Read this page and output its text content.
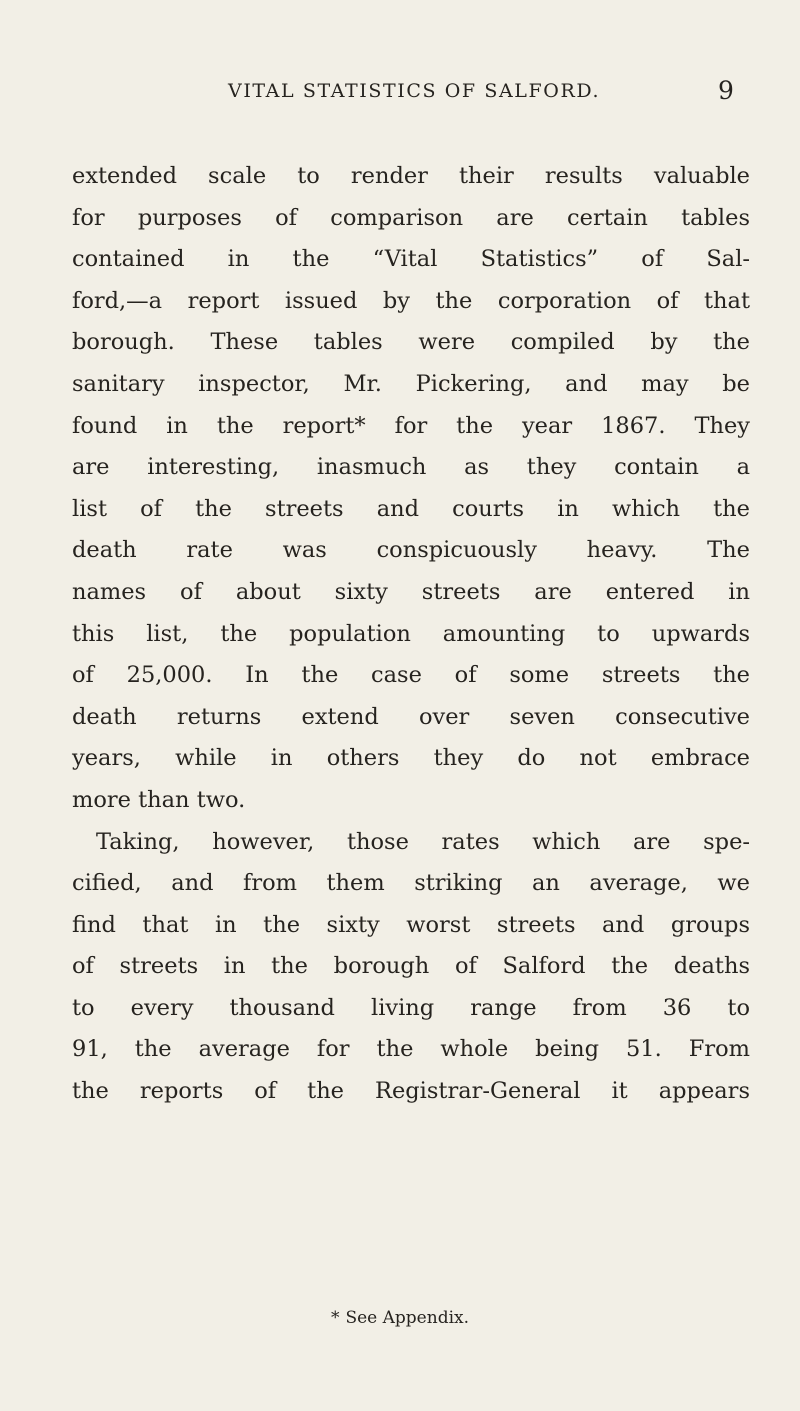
VITAL STATISTICS OF SALFORD.	9
extended scale to render their results valuable
for purposes of comparison are certain tables
contained in the “Vital Statistics” of Sal-
ford,—a report issued by the corporation of that
borough. These tables were compiled by the
sanitary inspector, Mr. Pickering, and may be
found in the report* for the year 1867. They
are interesting, inasmuch as they contain a
list of the streets and courts in which the
death rate was conspicuously heavy. The
names of about sixty streets are entered in
this list, the population amounting to upwards
of 25,000. In the case of some streets the
death returns extend over seven consecutive
years, while in others they do not embrace
more than two.
Taking, however, those rates which are spe-
cified, and from them striking an average, we
find that in the sixty worst streets and groups
of streets in the borough of Salford the deaths
to every thousand living range from 36 to
91, the average for the whole being 51. From
the reports of the Registrar-General it appears
* See Appendix.
